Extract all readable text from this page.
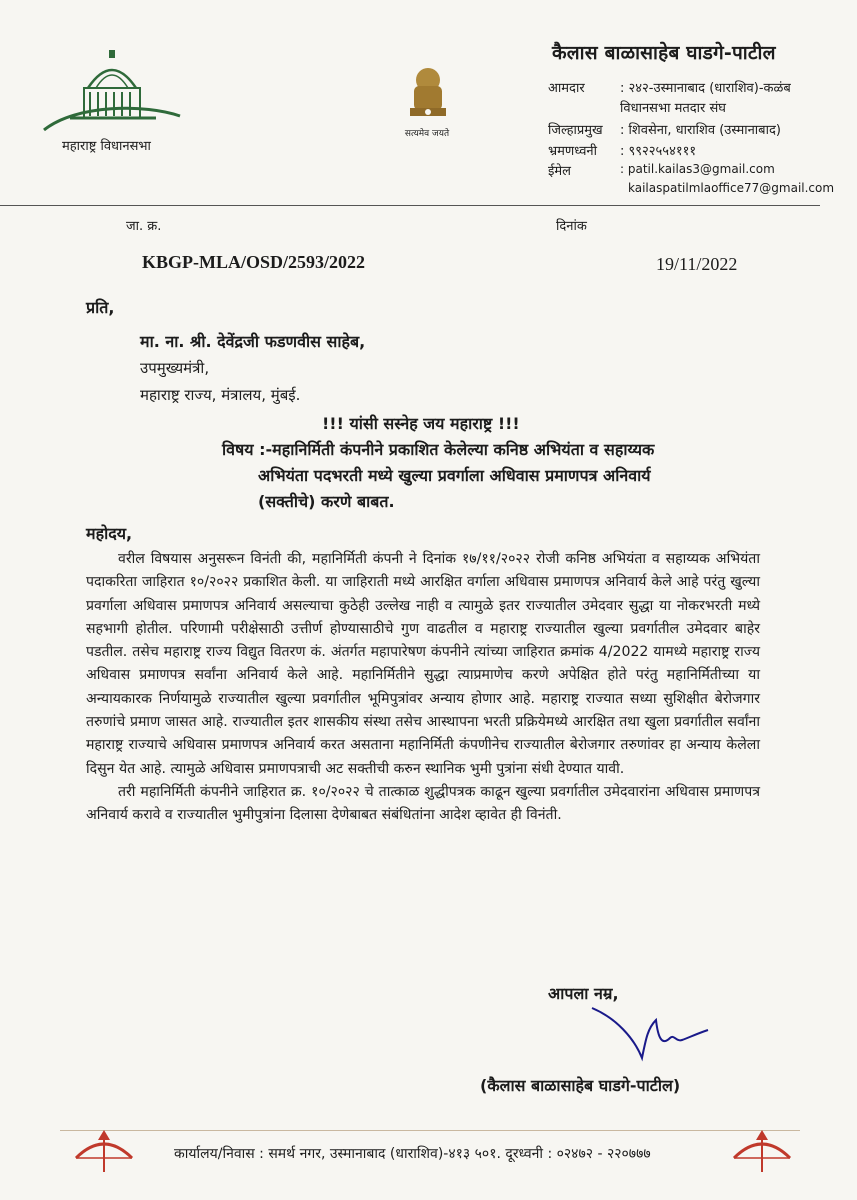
महाराष्ट्र विधानसभा
सत्यमेव जयते
कैलास बाळासाहेब घाडगे-पाटील
आमदार	: २४२-उस्मानाबाद (धाराशिव)-कळंब
विधानसभा मतदार संघ
जिल्हाप्रमुख : शिवसेना, धाराशिव (उस्मानाबाद)
भ्रमणध्वनी : ९९२२५५४१११
ईमेल	: patil.kailas3@gmail.com
kailaspatilmlaoffice77@gmail.com
जा. क्र.	दिनांक
KBGP-MLA/OSD/2593/2022	19/11/2022
प्रति,
मा. ना. श्री. देवेंद्रजी फडणवीस साहेब,
उपमुख्यमंत्री,
महाराष्ट्र राज्य, मंत्रालय, मुंबई.
!!! यांसी सस्नेह जय महाराष्ट्र !!!
विषय :-महानिर्मिती कंपनीने प्रकाशित केलेल्या कनिष्ठ अभियंता व सहाय्यक
अभियंता पदभरती मध्ये खुल्या प्रवर्गाला अधिवास प्रमाणपत्र अनिवार्य
(सक्तीचे) करणे बाबत.
महोदय,

वरील विषयास अनुसरून विनंती की, महानिर्मिती कंपनी ने दिनांक १७/११/२०२२ रोजी कनिष्ठ अभियंता व सहाय्यक अभियंता पदाकरिता जाहिरात १०/२०२२ प्रकाशित केली. या जाहिराती मध्ये आरक्षित वर्गाला अधिवास प्रमाणपत्र अनिवार्य केले आहे परंतु खुल्या प्रवर्गाला अधिवास प्रमाणपत्र अनिवार्य असल्याचा कुठेही उल्लेख नाही व त्यामुळे इतर राज्यातील उमेदवार सुद्धा या नोकरभरती मध्ये सहभागी होतील. परिणामी परीक्षेसाठी उत्तीर्ण होण्यासाठीचे गुण वाढतील व महाराष्ट्र राज्यातील खुल्या प्रवर्गातील उमेदवार बाहेर पडतील. तसेच महाराष्ट्र राज्य विद्युत वितरण कं. अंतर्गत महापारेषण कंपनीने त्यांच्या जाहिरात क्रमांक 4/2022 यामध्ये महाराष्ट्र राज्य अधिवास प्रमाणपत्र सर्वांना अनिवार्य केले आहे. महानिर्मितीने सुद्धा त्याप्रमाणेच करणे अपेक्षित होते परंतु महानिर्मितीच्या या अन्यायकारक निर्णयामुळे राज्यातील खुल्या प्रवर्गातील भूमिपुत्रांवर अन्याय होणार आहे. महाराष्ट्र राज्यात सध्या सुशिक्षीत बेरोजगार तरुणांचे प्रमाण जासत आहे. राज्यातील इतर शासकीय संस्था तसेच आस्थापना भरती प्रक्रियेमध्ये आरक्षित तथा खुला प्रवर्गातील सर्वांना महाराष्ट्र राज्याचे अधिवास प्रमाणपत्र अनिवार्य करत असताना महानिर्मिती कंपणीनेच राज्यातील बेरोजगार तरुणांवर हा अन्याय केलेला दिसुन येत आहे. त्यामुळे अधिवास प्रमाणपत्राची अट सक्तीची करुन स्थानिक भुमी पुत्रांना संधी देण्यात यावी.

तरी महानिर्मिती कंपनीने जाहिरात क्र. १०/२०२२ चे तात्काळ शुद्धीपत्रक काढून खुल्या प्रवर्गातील उमेदवारांना अधिवास प्रमाणपत्र अनिवार्य करावे व राज्यातील भुमीपुत्रांना दिलासा देणेबाबत संबंधितांना आदेश व्हावेत ही विनंती.

आपला नम्र,
(कैलास बाळासाहेब घाडगे-पाटील)
कार्यालय/निवास : समर्थ नगर, उस्मानाबाद (धाराशिव)-४१३ ५०१. दूरध्वनी : ०२४७२ - २२०७७७
